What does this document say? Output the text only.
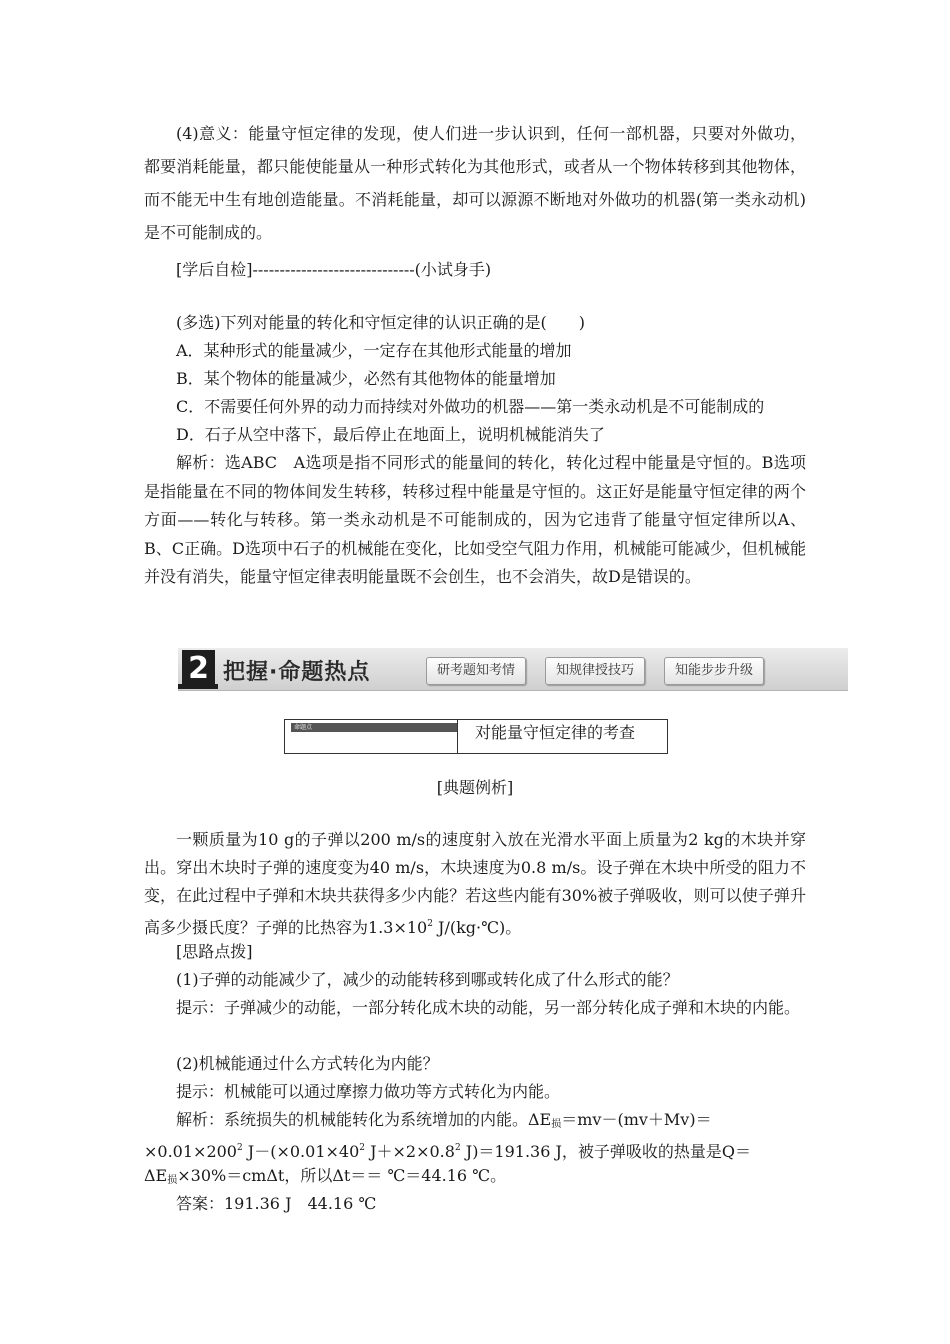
(4)意义：能量守恒定律的发现，使人们进一步认识到，任何一部机器，只要对外做功，都要消耗能量，都只能使能量从一种形式转化为其他形式，或者从一个物体转移到其他物体，而不能无中生有地创造能量。不消耗能量，却可以源源不断地对外做功的机器(第一类永动机)是不可能制成的。

[学后自检]------------------------------(小试身手)

(多选)下列对能量的转化和守恒定律的认识正确的是(　　)

A．某种形式的能量减少，一定存在其他形式能量的增加

B．某个物体的能量减少，必然有其他物体的能量增加

C．不需要任何外界的动力而持续对外做功的机器——第一类永动机是不可能制成的

D．石子从空中落下，最后停止在地面上，说明机械能消失了

解析：选ABC　A选项是指不同形式的能量间的转化，转化过程中能量是守恒的。B选项是指能量在不同的物体间发生转移，转移过程中能量是守恒的。这正好是能量守恒定律的两个方面——转化与转移。第一类永动机是不可能制成的，因为它违背了能量守恒定律所以A、B、C正确。D选项中石子的机械能在变化，比如受空气阻力作用，机械能可能减少，但机械能并没有消失，能量守恒定律表明能量既不会创生，也不会消失，故D是错误的。

2 把握·命题热点	研考题知考情	知规律授技巧	知能步步升级
命题点	对能量守恒定律的考查
[典题例析]

一颗质量为10 g的子弹以200 m/s的速度射入放在光滑水平面上质量为2 kg的木块并穿出。穿出木块时子弹的速度变为40 m/s，木块速度为0.8 m/s。设子弹在木块中所受的阻力不变，在此过程中子弹和木块共获得多少内能？若这些内能有30%被子弹吸收，则可以使子弹升高多少摄氏度？子弹的比热容为$1.3\times 10^2$ J/(kg·℃)。

[思路点拨]

(1)子弹的动能减少了，减少的动能转移到哪或转化成了什么形式的能？

提示：子弹减少的动能，一部分转化成木块的动能，另一部分转化成子弹和木块的内能。

(2)机械能通过什么方式转化为内能？

提示：机械能可以通过摩擦力做功等方式转化为内能。

解析：系统损失的机械能转化为系统增加的内能。$\Delta E_损=mv-(mv+Mv)=$

$\times 0.01\times 200^2$ $J-(\times 0.01\times 40^2$ $J+\times 2\times 0.8^2$ J)＝191.36 J，被子弹吸收的热量是Q＝

$\Delta E_损\times 30\%=cm\Delta t$，所以Δt＝＝ ℃＝44.16 ℃。

答案：191.36 J　44.16 ℃
